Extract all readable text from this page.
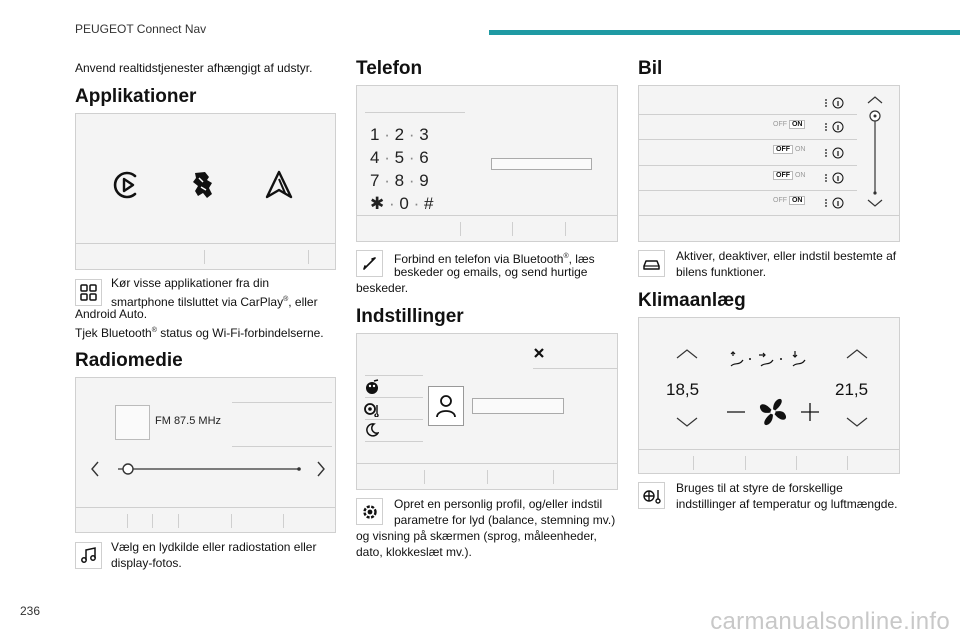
PEUGEOT Connect Nav
Anvend realtidstjenester afhængigt af udstyr.
Applikationer
Kør visse applikationer fra din
smartphone tilsluttet via CarPlay®, eller
Android Auto.
Tjek Bluetooth® status og Wi-Fi-forbindelserne.
Radiomedie
FM 87.5 MHz
Vælg en lydkilde eller radiostation eller
display-fotos.
Telefon
1 · 2 · 3
4 · 5 · 6
7 · 8 · 9
✱ · 0 · #
Forbind en telefon via Bluetooth®, læs
beskeder og emails, og send hurtige
beskeder.
Indstillinger
Opret en personlig profil, og/eller indstil
parametre for lyd (balance, stemning mv.)
og visning på skærmen (sprog, måleenheder,
dato, klokkeslæt mv.).
Bil
OFF ON
OFF ON
OFF ON
OFF ON
Aktiver, deaktiver, eller indstil bestemte af
bilens funktioner.
Klimaanlæg
18,5	21,5
Bruges til at styre de forskellige
indstillinger af temperatur og luftmængde.
236	carmanualsonline.info
